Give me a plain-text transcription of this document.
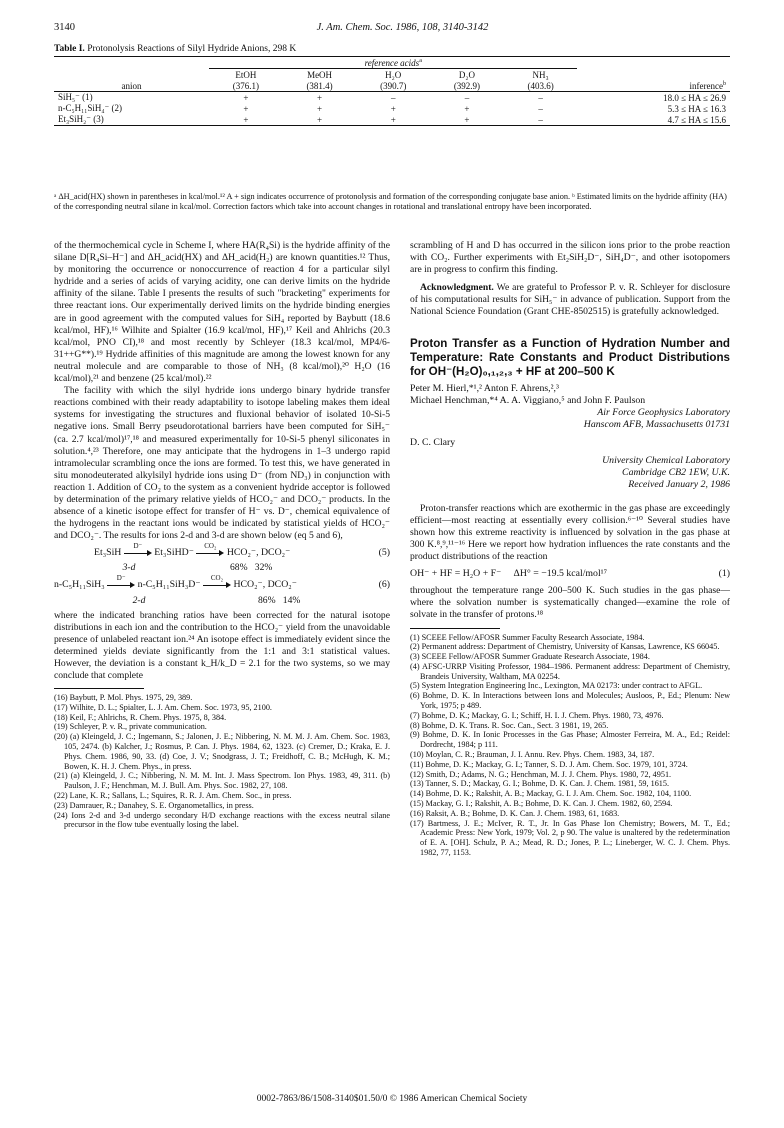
3140	J. Am. Chem. Soc. 1986, 108, 3140-3142
Table I. Protonolysis Reactions of Silyl Hydride Anions, 298 K
	reference acids$^a$	
	EtOH	MeOH	H₂O	D₂O	NH₃	
anion	(376.1)	(381.4)	(390.7)	(392.9)	(403.6)	inference$^b$
SiH₅⁻ (1)	+	+	–	–	–	18.0 ≤ HA ≤ 26.9
n-C₅H₁₁SiH₄⁻ (2)	+	+	+	+	–	5.3 ≤ HA ≤ 16.3
Et₃SiH₂⁻ (3)	+	+	+	+	–	4.7 ≤ HA ≤ 15.6
ᵃ ΔH_acid(HX) shown in parentheses in kcal/mol.¹² A + sign indicates occurrence of protonolysis and formation of the corresponding conjugate base anion. ᵇ Estimated limits on the hydride affinity (HA) of the corresponding neutral silane in kcal/mol. Correction factors which take into account changes in rotational and translational entropy have been incorporated.

of the thermochemical cycle in Scheme I, where HA(R₄Si) is the hydride affinity of the silane D[R₄Si–H⁻] and ΔH_acid(HX) and ΔH_acid(H₂) are known quantities.¹² Thus, by monitoring the occurrence or nonoccurrence of reaction 4 for a particular silyl hydride and a series of acids of varying acidity, one can derive limits on the hydride affinity of the silane. Table I presents the results of such "bracketing" experiments for three reactant ions. Our experimentally derived limits on the hydride binding energies are in good agreement with the computed values for SiH₄ reported by Baybutt (18.6 kcal/mol, HF),¹⁶ Wilhite and Spialter (16.9 kcal/mol, HF),¹⁷ Keil and Ahlrichs (20.3 kcal/mol, PNO CI),¹⁸ and most recently by Schleyer (18.3 kcal/mol, MP4/6-31++G**).¹⁹ Hydride affinities of this magnitude are among the lowest known for any neutral molecule and are comparable to those of NH₃ (8 kcal/mol),²⁰ H₂O (16 kcal/mol),²¹ and benzene (25 kcal/mol).²²

The facility with which the silyl hydride ions undergo binary hydride transfer reactions combined with their ready adaptability to isotope labeling makes them ideal systems for investigating the structures and fluxional behavior of isolated 10-Si-5 negative ions. Small Berry pseudorotational barriers have been computed for SiH₅⁻ (ca. 2.7 kcal/mol)¹⁷,¹⁸ and measured experimentally for 10-Si-5 phenyl siliconates in solution.⁴,²³ Therefore, one may anticipate that the hydrogens in 1–3 undergo rapid intramolecular scrambling once the ions are formed. To test this, we have generated in situ monodeuterated alkylsilyl hydride ions using D⁻ (from ND₃) in conjunction with reaction 1. Addition of CO₂ to the system as a convenient hydride acceptor is followed by determination of the primary relative yields of HCO₂⁻ and DCO₂⁻ products. In the absence of a kinetic isotope effect for transfer of H⁻ vs. D⁻, chemical equivalence of the hydrogens in the reactant ions would be indicated by statistical yields of HCO₂⁻ and DCO₂⁻. The results for ions 2-d and 3-d are shown below (eq 5 and 6),

Et₃SiH
D⁻
Et₃SiHD⁻
CO₂
HCO₂⁻, DCO₂⁻	(5)
3-d	68%   32%
n-C₅H₁₁SiH₃
D⁻
n-C₅H₁₁SiH₃D⁻
CO₂
HCO₂⁻, DCO₂⁻	(6)
2-d	86%   14%

where the indicated branching ratios have been corrected for the natural isotope distributions in each ion and the contribution to the HCO₂⁻ yield from the unavoidable presence of unlabeled reactant ion.²⁴ An isotope effect is immediately evident since the determined yields deviate significantly from the 1:1 and 3:1 statistical values. However, the deviation is a constant k_H/k_D = 2.1 for the two systems, so we may conclude that complete

(16) Baybutt, P. Mol. Phys. 1975, 29, 389.
(17) Wilhite, D. L.; Spialter, L. J. Am. Chem. Soc. 1973, 95, 2100.
(18) Keil, F.; Ahlrichs, R. Chem. Phys. 1975, 8, 384.
(19) Schleyer, P. v. R., private communication.
(20) (a) Kleingeld, J. C.; Ingemann, S.; Jalonen, J. E.; Nibbering, N. M. M. J. Am. Chem. Soc. 1983, 105, 2474. (b) Kalcher, J.; Rosmus, P. Can. J. Phys. 1984, 62, 1323. (c) Cremer, D.; Kraka, E. J. Phys. Chem. 1986, 90, 33. (d) Coe, J. V.; Snodgrass, J. T.; Freidhoff, C. B.; McHugh, K. M.; Bowen, K. H. J. Chem. Phys., in press.
(21) (a) Kleingeld, J. C.; Nibbering, N. M. M. Int. J. Mass Spectrom. Ion Phys. 1983, 49, 311. (b) Paulson, J. F.; Henchman, M. J. Bull. Am. Phys. Soc. 1982, 27, 108.
(22) Lane, K. R.; Sallans, L.; Squires, R. R. J. Am. Chem. Soc., in press.
(23) Damrauer, R.; Danahey, S. E. Organometallics, in press.
(24) Ions 2-d and 3-d undergo secondary H/D exchange reactions with the excess neutral silane precursor in the flow tube eventually losing the label.

scrambling of H and D has occurred in the silicon ions prior to the probe reaction with CO₂. Further experiments with Et₂SiH₂D⁻, SiH₄D⁻, and other isotopomers are in progress to confirm this finding.

Acknowledgment. We are grateful to Professor P. v. R. Schleyer for disclosure of his computational results for SiH₅⁻ in advance of publication. Support from the National Science Foundation (Grant CHE-8502515) is gratefully acknowledged.

Proton Transfer as a Function of Hydration Number and Temperature: Rate Constants and Product Distributions for OH⁻(H₂O)₀,₁,₂,₃ + HF at 200–500 K
Peter M. Hierl,*¹,² Anton F. Ahrens,²,³
Michael Henchman,*⁴ A. A. Viggiano,⁵ and John F. Paulson
Air Force Geophysics Laboratory
Hanscom AFB, Massachusetts 01731
D. C. Clary
University Chemical Laboratory
Cambridge CB2 1EW, U.K.
Received January 2, 1986

Proton-transfer reactions which are exothermic in the gas phase are exceedingly efficient—most reacting at essentially every collision.⁶⁻¹⁰ Several studies have shown how this extreme reactivity is influenced by solvation in the gas phase at 300 K.⁸,⁹,¹¹⁻¹⁶ Here we report how hydration influences the rate constants and the product distributions of the reaction

OH⁻ + HF = H₂O + F⁻     ΔH° = −19.5 kcal/mol¹⁷	(1)

throughout the temperature range 200–500 K. Such studies in the gas phase—where the solvation number is systematically changed—examine the role of solvate in the transfer of protons.¹⁸

(1) SCEEE Fellow/AFOSR Summer Faculty Research Associate, 1984.
(2) Permanent address: Department of Chemistry, University of Kansas, Lawrence, KS 66045.
(3) SCEEE Fellow/AFOSR Summer Graduate Research Associate, 1984.
(4) AFSC-URRP Visiting Professor, 1984–1986. Permanent address: Department of Chemistry, Brandeis University, Waltham, MA 02254.
(5) System Integration Engineering Inc., Lexington, MA 02173: under contract to AFGL.
(6) Bohme, D. K. In Interactions between Ions and Molecules; Ausloos, P., Ed.; Plenum: New York, 1975; p 489.
(7) Bohme, D. K.; Mackay, G. I.; Schiff, H. I. J. Chem. Phys. 1980, 73, 4976.
(8) Bohme, D. K. Trans. R. Soc. Can., Sect. 3 1981, 19, 265.
(9) Bohme, D. K. In Ionic Processes in the Gas Phase; Almoster Ferreira, M. A., Ed.; Reidel: Dordrecht, 1984; p 111.
(10) Moylan, C. R.; Brauman, J. I. Annu. Rev. Phys. Chem. 1983, 34, 187.
(11) Bohme, D. K.; Mackay, G. I.; Tanner, S. D. J. Am. Chem. Soc. 1979, 101, 3724.
(12) Smith, D.; Adams, N. G.; Henchman, M. J. J. Chem. Phys. 1980, 72, 4951.
(13) Tanner, S. D.; Mackay, G. I.; Bohme, D. K. Can. J. Chem. 1981, 59, 1615.
(14) Bohme, D. K.; Rakshit, A. B.; Mackay, G. I. J. Am. Chem. Soc. 1982, 104, 1100.
(15) Mackay, G. I.; Rakshit, A. B.; Bohme, D. K. Can. J. Chem. 1982, 60, 2594.
(16) Raksit, A. B.; Bohme, D. K. Can. J. Chem. 1983, 61, 1683.
(17) Bartmess, J. E.; McIver, R. T., Jr. In Gas Phase Ion Chemistry; Bowers, M. T., Ed.; Academic Press: New York, 1979; Vol. 2, p 90. The value is unaltered by the redetermination of E. A. [OH]. Schulz, P. A.; Mead, R. D.; Jones, P. L.; Lineberger, W. C. J. Chem. Phys. 1982, 77, 1153.
0002-7863/86/1508-3140$01.50/0 © 1986 American Chemical Society
